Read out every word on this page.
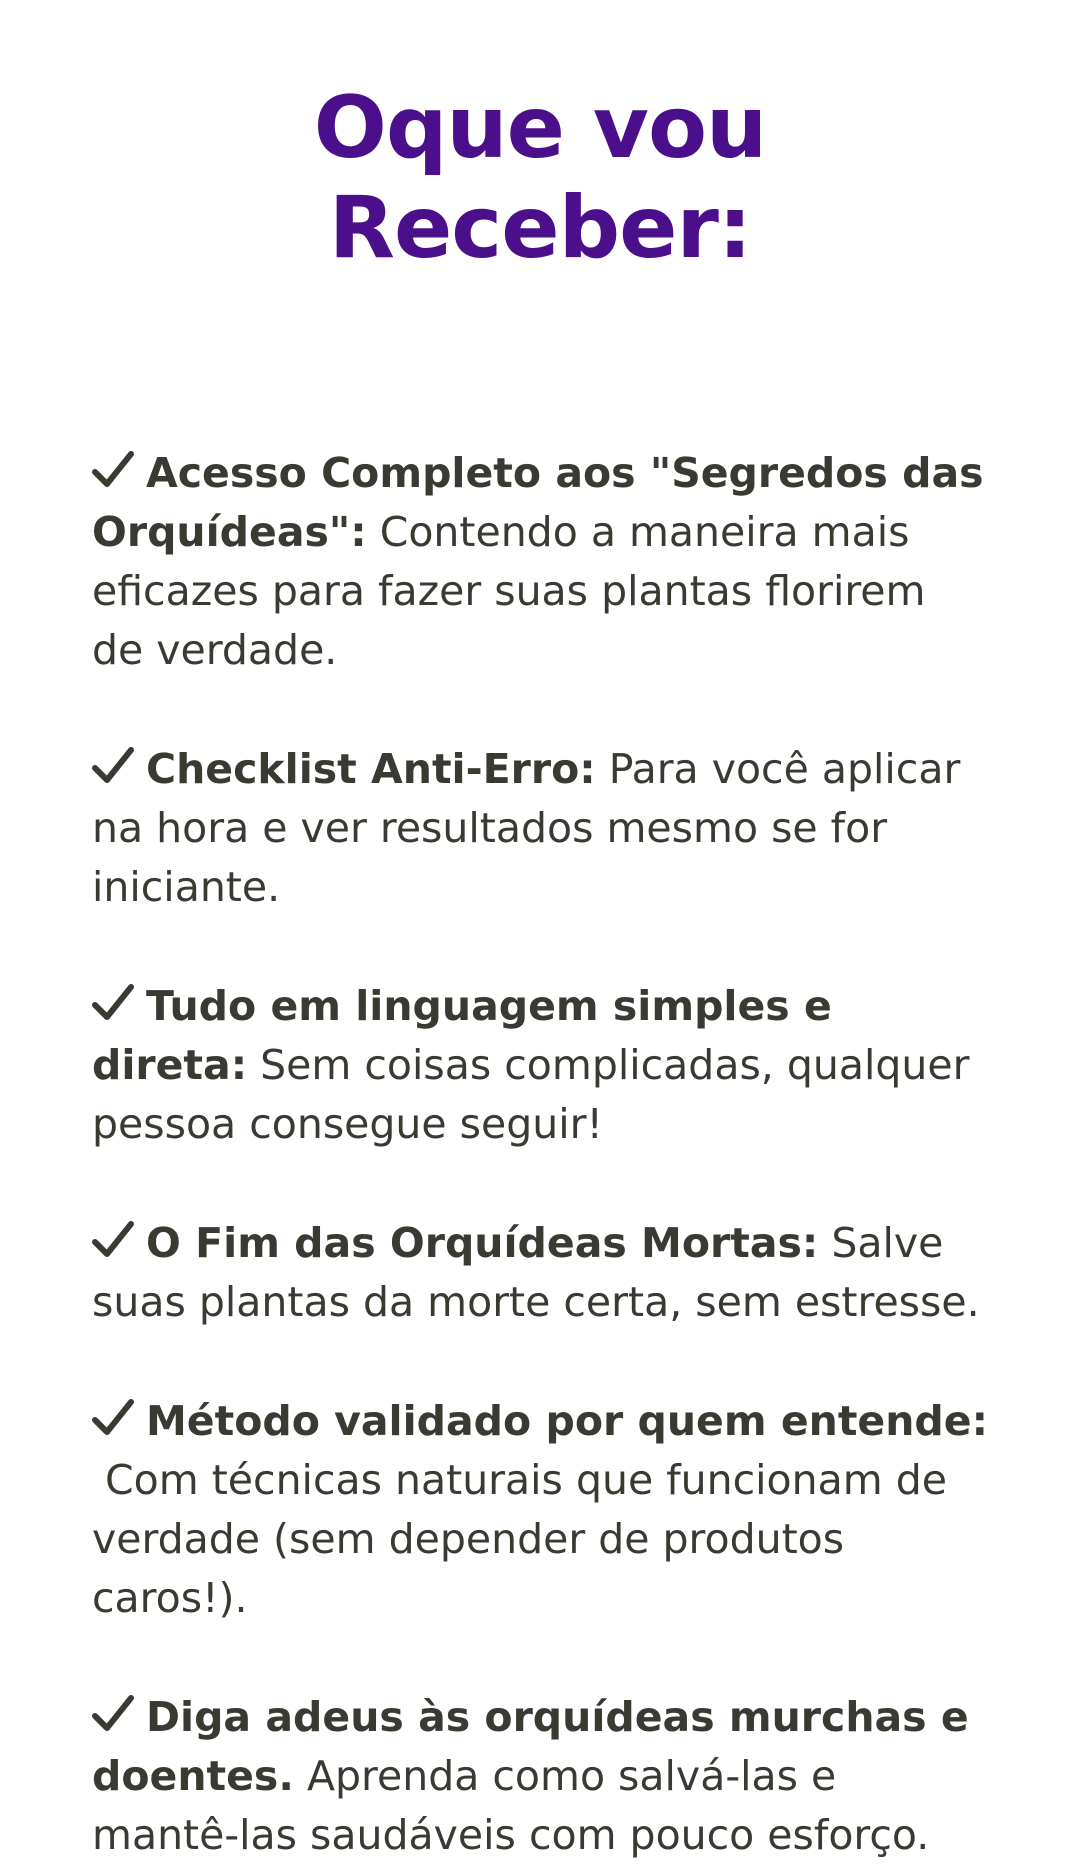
Oque vou Receber:
Acesso Completo aos "Segredos das Orquídeas": Contendo a maneira mais eficazes para fazer suas plantas florirem de verdade.
Checklist Anti-Erro: Para você aplicar na hora e ver resultados mesmo se for iniciante.
Tudo em linguagem simples e direta: Sem coisas complicadas, qualquer pessoa consegue seguir!
O Fim das Orquídeas Mortas: Salve suas plantas da morte certa, sem estresse.
Método validado por quem entende: Com técnicas naturais que funcionam de verdade (sem depender de produtos caros!).
Diga adeus às orquídeas murchas e doentes. Aprenda como salvá-las e mantê-las saudáveis com pouco esforço.
